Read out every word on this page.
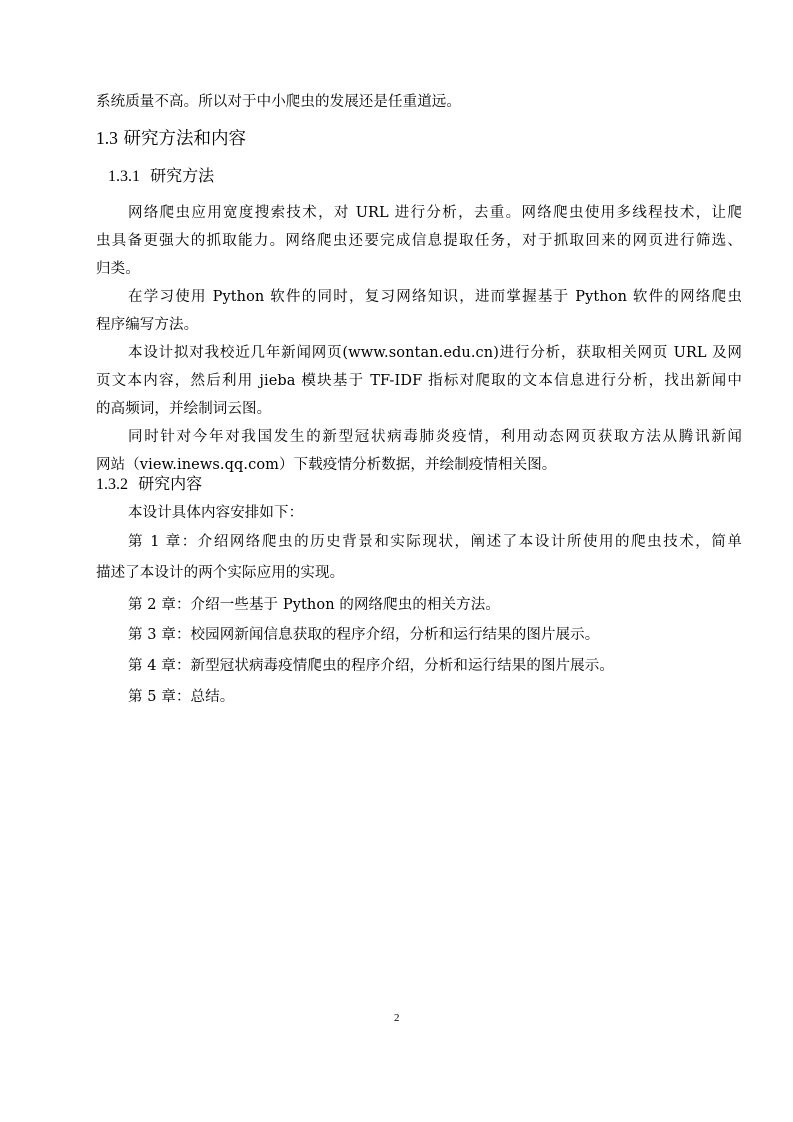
系统质量不高。所以对于中小爬虫的发展还是任重道远。
1.3 研究方法和内容
1.3.1 研究方法
网络爬虫应用宽度搜索技术，对 URL 进行分析，去重。网络爬虫使用多线程技术，让爬
虫具备更强大的抓取能力。网络爬虫还要完成信息提取任务，对于抓取回来的网页进行筛选、
归类。
在学习使用 Python 软件的同时，复习网络知识，进而掌握基于 Python 软件的网络爬虫
程序编写方法。
本设计拟对我校近几年新闻网页(www.sontan.edu.cn)进行分析，获取相关网页 URL 及网
页文本内容，然后利用 jieba 模块基于 TF-IDF 指标对爬取的文本信息进行分析，找出新闻中
的高频词，并绘制词云图。
同时针对今年对我国发生的新型冠状病毒肺炎疫情，利用动态网页获取方法从腾讯新闻
网站（view.inews.qq.com）下载疫情分析数据，并绘制疫情相关图。
1.3.2 研究内容
本设计具体内容安排如下：
第 1 章：介绍网络爬虫的历史背景和实际现状，阐述了本设计所使用的爬虫技术，简单
描述了本设计的两个实际应用的实现。
第 2 章：介绍一些基于 Python 的网络爬虫的相关方法。
第 3 章：校园网新闻信息获取的程序介绍，分析和运行结果的图片展示。
第 4 章：新型冠状病毒疫情爬虫的程序介绍，分析和运行结果的图片展示。
第 5 章：总结。
2
